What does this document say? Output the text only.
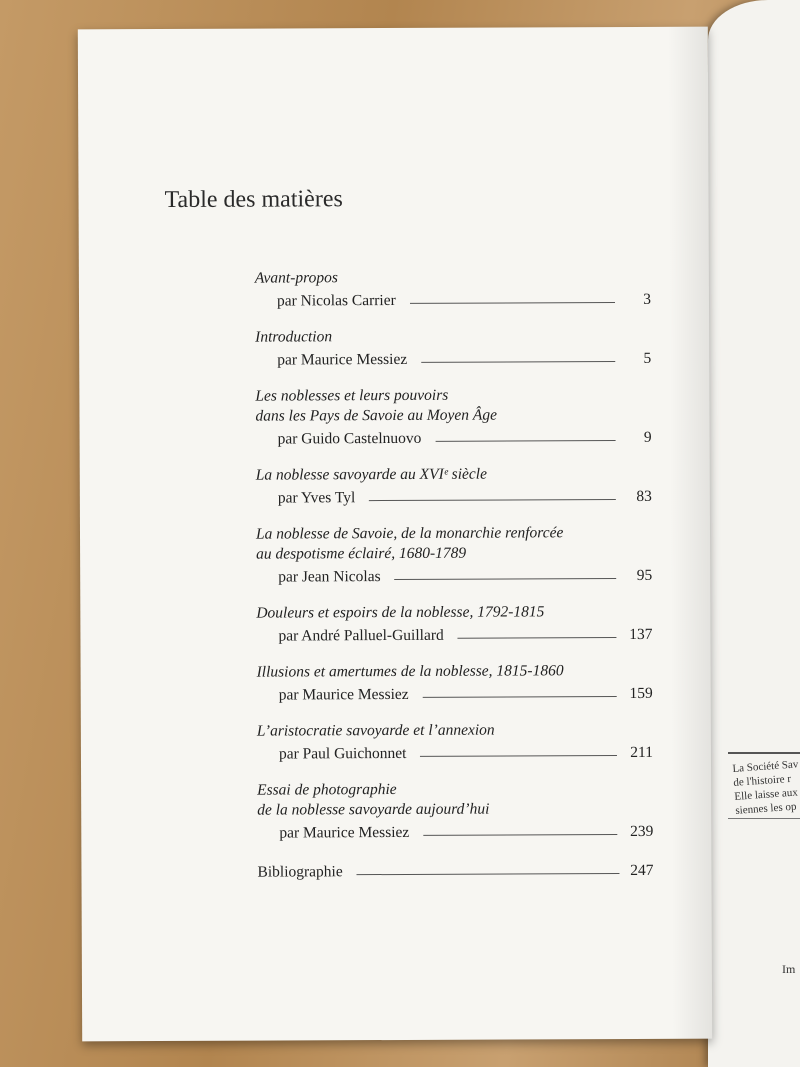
La Société Sav
de l'histoire r
Elle laisse aux
siennes les op
Im
Table des matières
Avant-propos
par Nicolas Carrier	3
Introduction
par Maurice Messiez	5
Les noblesses et leurs pouvoirs
dans les Pays de Savoie au Moyen Âge
par Guido Castelnuovo	9
La noblesse savoyarde au XVIᵉ siècle
par Yves Tyl	83
La noblesse de Savoie, de la monarchie renforcée
au despotisme éclairé, 1680-1789
par Jean Nicolas	95
Douleurs et espoirs de la noblesse, 1792-1815
par André Palluel-Guillard	137
Illusions et amertumes de la noblesse, 1815-1860
par Maurice Messiez	159
L’aristocratie savoyarde et l’annexion
par Paul Guichonnet	211
Essai de photographie
de la noblesse savoyarde aujourd’hui
par Maurice Messiez	239
Bibliographie	247
